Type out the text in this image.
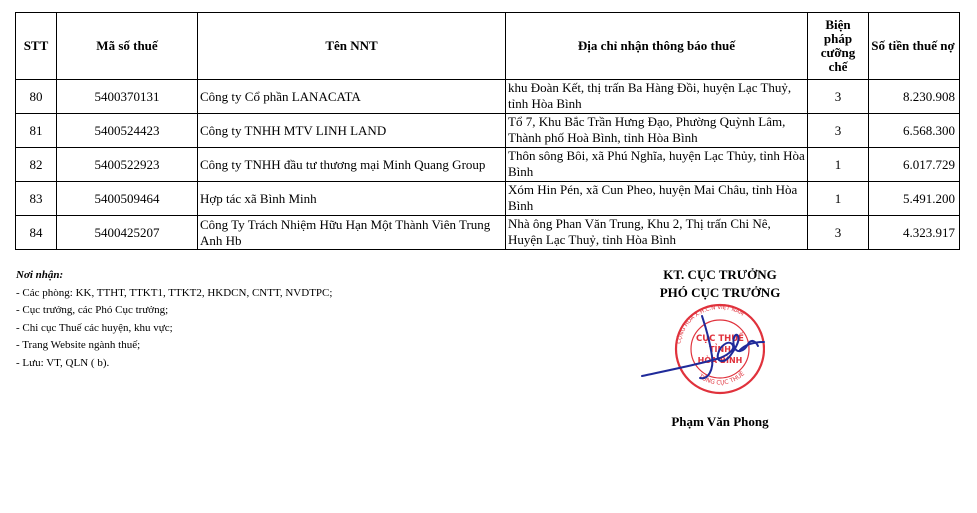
STT	Mã số thuế	Tên NNT	Địa chỉ nhận thông báo thuế	Biện
pháp
cưỡng
chế	Số tiền thuế nợ
80	5400370131	Công ty Cổ phần LANACATA	khu Đoàn Kết, thị trấn Ba Hàng Đồi, huyện Lạc Thuỷ, tỉnh Hòa Bình	3	8.230.908
81	5400524423	Công ty TNHH MTV LINH LAND	Tổ 7, Khu Bắc Trần Hưng Đạo, Phường Quỳnh Lâm, Thành phố Hoà Bình, tỉnh Hòa Bình	3	6.568.300
82	5400522923	Công ty TNHH đầu tư thương mại Minh Quang Group	Thôn sông Bôi, xã Phú Nghĩa, huyện Lạc Thủy, tỉnh Hòa Bình	1	6.017.729
83	5400509464	Hợp tác xã Bình Minh	Xóm Hin Pén, xã Cun Pheo, huyện Mai Châu, tỉnh Hòa Bình	1	5.491.200
84	5400425207	Công Ty Trách Nhiệm Hữu Hạn Một Thành Viên Trung Anh Hb	Nhà ông Phan Văn Trung, Khu 2, Thị trấn Chi Nê, Huyện Lạc Thuỷ, tỉnh Hòa Bình	3	4.323.917
Nơi nhận:
- Các phòng: KK, TTHT, TTKT1, TTKT2, HKDCN, CNTT, NVDTPC;
- Cục trưởng, các Phó Cục trưởng;
- Chi cục Thuế các huyện, khu vực;
- Trang Website ngành thuế;
- Lưu: VT, QLN ( b).
KT. CỤC TRƯỞNG
PHÓ CỤC TRƯỞNG
Phạm Văn Phong
CỘNG HÒA X.H.C.N VIỆT NAM
TỔNG CỤC THUẾ
CỤC THUẾ
TỈNH
HÒA BÌNH
